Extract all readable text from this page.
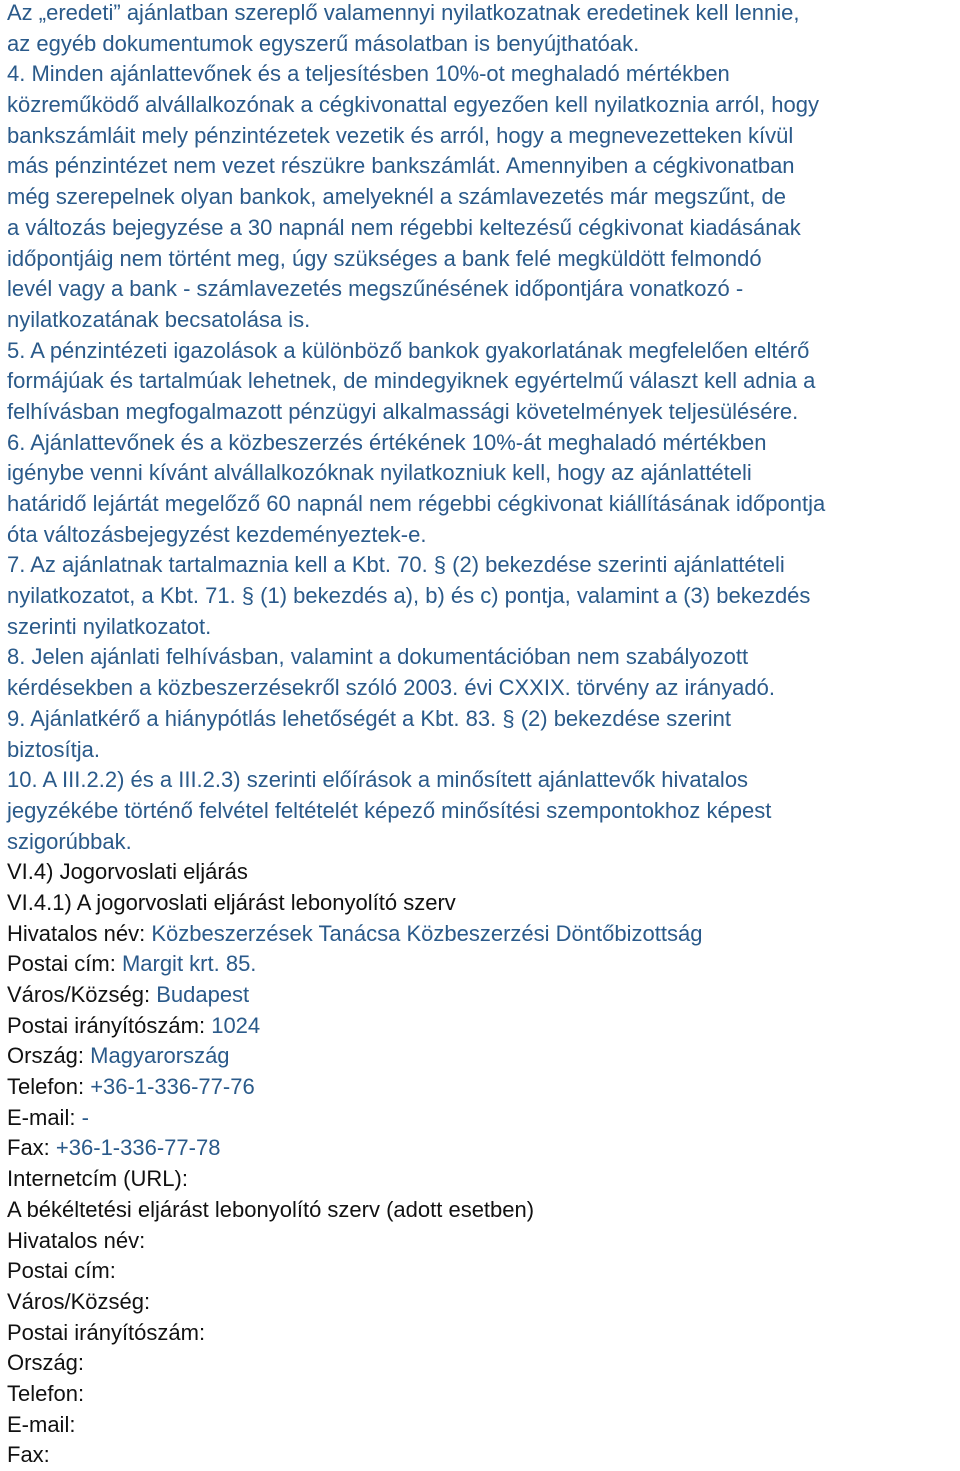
Az „eredeti” ajánlatban szereplő valamennyi nyilatkozatnak eredetinek kell lennie,
az egyéb dokumentumok egyszerű másolatban is benyújthatóak.
4. Minden ajánlattevőnek és a teljesítésben 10%-ot meghaladó mértékben
közreműködő alvállalkozónak a cégkivonattal egyezően kell nyilatkoznia arról, hogy
bankszámláit mely pénzintézetek vezetik és arról, hogy a megnevezetteken kívül
más pénzintézet nem vezet részükre bankszámlát. Amennyiben a cégkivonatban
még szerepelnek olyan bankok, amelyeknél a számlavezetés már megszűnt, de
a változás bejegyzése a 30 napnál nem régebbi keltezésű cégkivonat kiadásának
időpontjáig nem történt meg, úgy szükséges a bank felé megküldött felmondó
levél vagy a bank - számlavezetés megszűnésének időpontjára vonatkozó -
nyilatkozatának becsatolása is.
5. A pénzintézeti igazolások a különböző bankok gyakorlatának megfelelően eltérő
formájúak és tartalmúak lehetnek, de mindegyiknek egyértelmű választ kell adnia a
felhívásban megfogalmazott pénzügyi alkalmassági követelmények teljesülésére.
6. Ajánlattevőnek és a közbeszerzés értékének 10%-át meghaladó mértékben
igénybe venni kívánt alvállalkozóknak nyilatkozniuk kell, hogy az ajánlattételi
határidő lejártát megelőző 60 napnál nem régebbi cégkivonat kiállításának időpontja
óta változásbejegyzést kezdeményeztek-e.
7. Az ajánlatnak tartalmaznia kell a Kbt. 70. § (2) bekezdése szerinti ajánlattételi
nyilatkozatot, a Kbt. 71. § (1) bekezdés a), b) és c) pontja, valamint a (3) bekezdés
szerinti nyilatkozatot.
8. Jelen ajánlati felhívásban, valamint a dokumentációban nem szabályozott
kérdésekben a közbeszerzésekről szóló 2003. évi CXXIX. törvény az irányadó.
9. Ajánlatkérő a hiánypótlás lehetőségét a Kbt. 83. § (2) bekezdése szerint
biztosítja.
10. A III.2.2) és a III.2.3) szerinti előírások a minősített ajánlattevők hivatalos
jegyzékébe történő felvétel feltételét képező minősítési szempontokhoz képest
szigorúbbak.
VI.4) Jogorvoslati eljárás
VI.4.1) A jogorvoslati eljárást lebonyolító szerv
Hivatalos név: Közbeszerzések Tanácsa Közbeszerzési Döntőbizottság
Postai cím: Margit krt. 85.
Város/Község: Budapest
Postai irányítószám: 1024
Ország: Magyarország
Telefon: +36-1-336-77-76
E-mail: -
Fax: +36-1-336-77-78
Internetcím (URL):
A békéltetési eljárást lebonyolító szerv (adott esetben)
Hivatalos név:
Postai cím:
Város/Község:
Postai irányítószám:
Ország:
Telefon:
E-mail:
Fax:
